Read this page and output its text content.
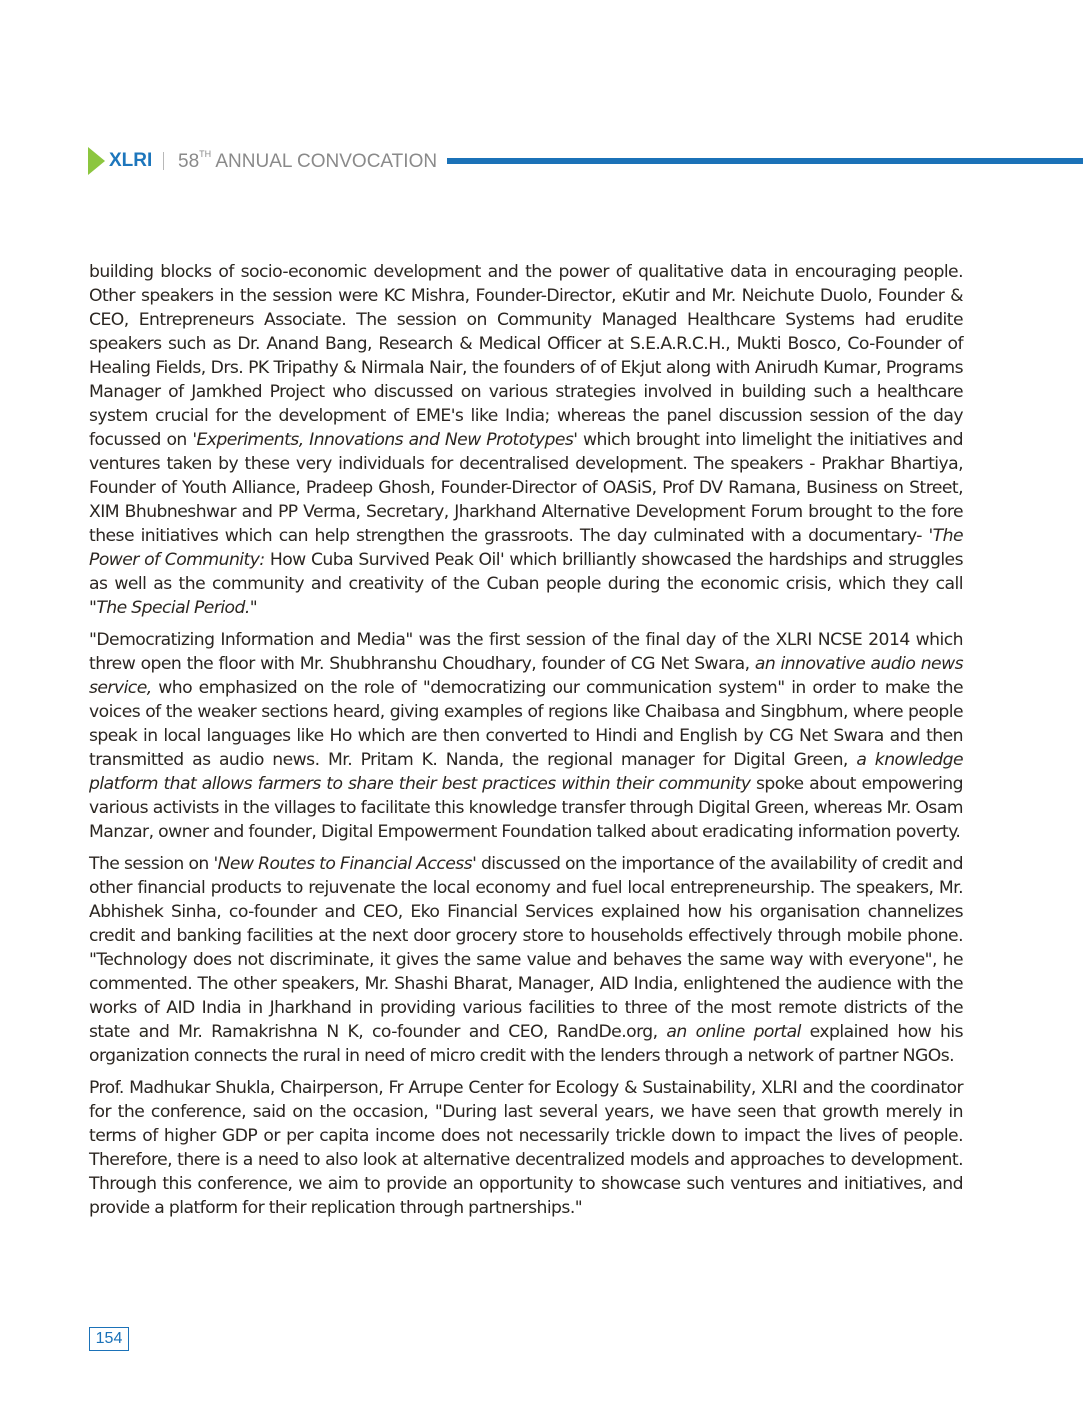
XLRI 58TH ANNUAL CONVOCATION

building blocks of socio-economic development and the power of qualitative data in encouraging people. Other speakers in the session were KC Mishra, Founder-Director, eKutir and Mr. Neichute Duolo, Founder & CEO, Entrepreneurs Associate. The session on Community Managed Healthcare Systems had erudite speakers such as Dr. Anand Bang, Research & Medical Officer at S.E.A.R.C.H., Mukti Bosco, Co-Founder of Healing Fields, Drs. PK Tripathy & Nirmala Nair, the founders of of Ekjut along with Anirudh Kumar, Programs Manager of Jamkhed Project who discussed on various strategies involved in building such a healthcare system crucial for the development of EME's like India; whereas the panel discussion session of the day focussed on 'Experiments, Innovations and New Prototypes' which brought into limelight the initiatives and ventures taken by these very individuals for decentralised development. The speakers - Prakhar Bhartiya, Founder of Youth Alliance, Pradeep Ghosh, Founder-Director of OASiS, Prof DV Ramana, Business on Street, XIM Bhubneshwar and PP Verma, Secretary, Jharkhand Alternative Development Forum brought to the fore these initiatives which can help strengthen the grassroots. The day culminated with a documentary- 'The Power of Community: How Cuba Survived Peak Oil' which brilliantly showcased the hardships and struggles as well as the community and creativity of the Cuban people during the economic crisis, which they call "The Special Period."

"Democratizing Information and Media" was the first session of the final day of the XLRI NCSE 2014 which threw open the floor with Mr. Shubhranshu Choudhary, founder of CG Net Swara, an innovative audio news service, who emphasized on the role of "democratizing our communication system" in order to make the voices of the weaker sections heard, giving examples of regions like Chaibasa and Singbhum, where people speak in local languages like Ho which are then converted to Hindi and English by CG Net Swara and then transmitted as audio news. Mr. Pritam K. Nanda, the regional manager for Digital Green, a knowledge platform that allows farmers to share their best practices within their community spoke about empowering various activists in the villages to facilitate this knowledge transfer through Digital Green, whereas Mr. Osam Manzar, owner and founder, Digital Empowerment Foundation talked about eradicating information poverty.

The session on 'New Routes to Financial Access' discussed on the importance of the availability of credit and other financial products to rejuvenate the local economy and fuel local entrepreneurship. The speakers, Mr. Abhishek Sinha, co-founder and CEO, Eko Financial Services explained how his organisation channelizes credit and banking facilities at the next door grocery store to households effectively through mobile phone. "Technology does not discriminate, it gives the same value and behaves the same way with everyone", he commented. The other speakers, Mr. Shashi Bharat, Manager, AID India, enlightened the audience with the works of AID India in Jharkhand in providing various facilities to three of the most remote districts of the state and Mr. Ramakrishna N K, co-founder and CEO, RandDe.org, an online portal explained how his organization connects the rural in need of micro credit with the lenders through a network of partner NGOs.

Prof. Madhukar Shukla, Chairperson, Fr Arrupe Center for Ecology & Sustainability, XLRI and the coordinator for the conference, said on the occasion, "During last several years, we have seen that growth merely in terms of higher GDP or per capita income does not necessarily trickle down to impact the lives of people. Therefore, there is a need to also look at alternative decentralized models and approaches to development. Through this conference, we aim to provide an opportunity to showcase such ventures and initiatives, and provide a platform for their replication through partnerships."

154
